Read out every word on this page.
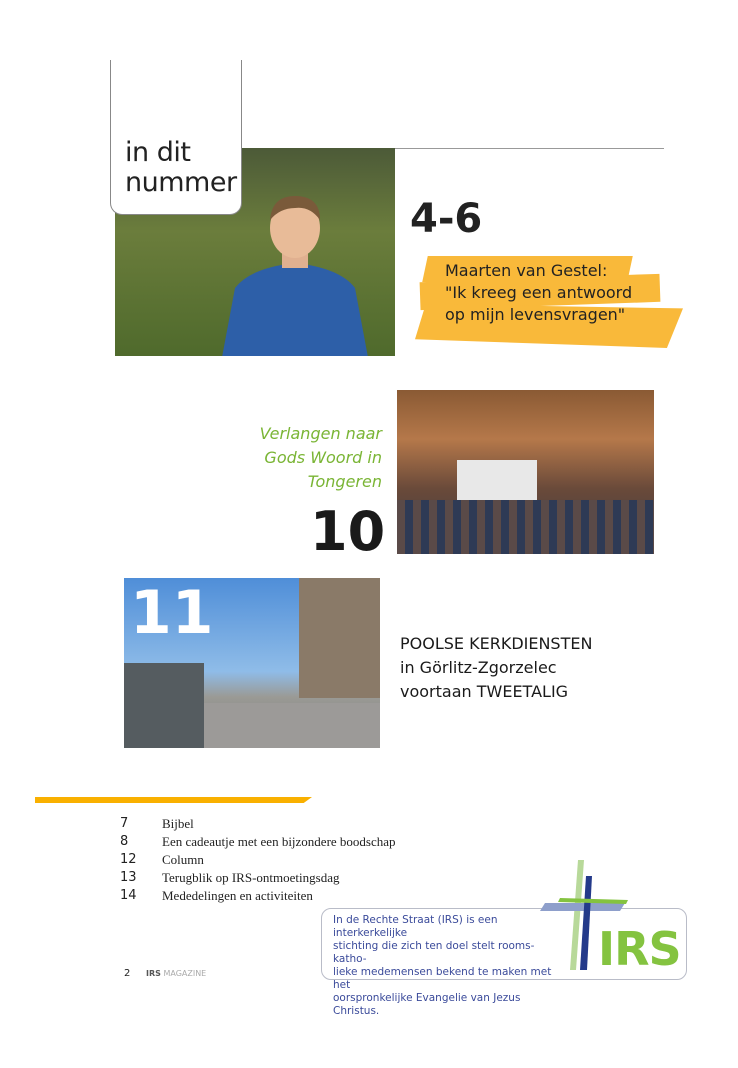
in dit nummer
4-6
Maarten van Gestel:
"Ik kreeg een antwoord
op mijn levensvragen"
Verlangen naar
Gods Woord in
Tongeren
10
11	POOLSE KERKDIENSTEN
in Görlitz-Zgorzelec
voortaan TWEETALIG
7	Bijbel
8	Een cadeautje met een bijzondere boodschap
12	Column
13	Terugblik op IRS-ontmoetingsdag
14	Mededelingen en activiteiten
2 IRS MAGAZINE
In de Rechte Straat (IRS) is een interkerkelijke
stichting die zich ten doel stelt rooms-katho-
lieke medemensen bekend te maken met het
oorspronkelijke Evangelie van Jezus Christus.
IRS
